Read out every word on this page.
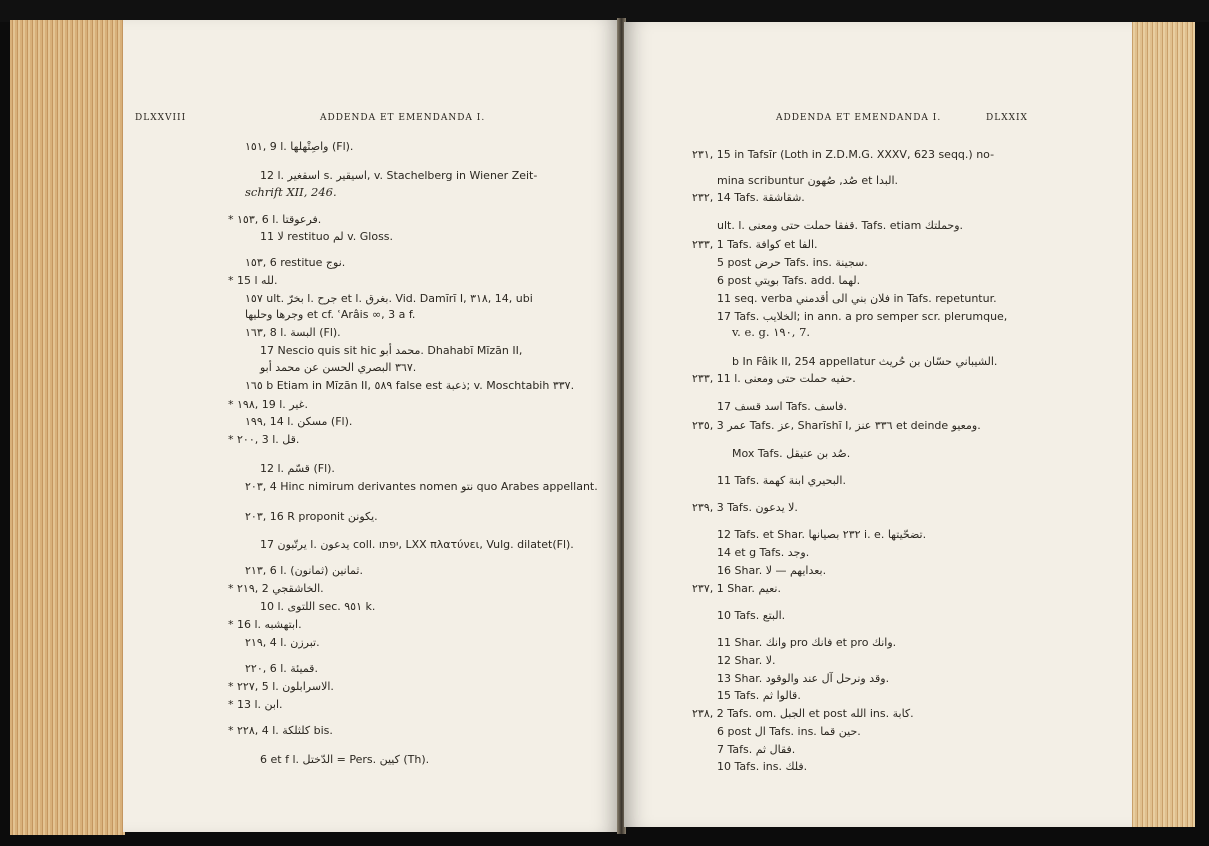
DLXXVIII	ADDENDA ET EMENDANDA I.
١٥١, 9 l. واصِتْهلها (Fl).
12 l. اسقغير s. اسيقير, v. Stachelberg in Wiener Zeit-
schrift XII, 246.
* ١٥٣, 6 l. فرعوقتا.
11 لا restituo لم v. Gloss.
١٥٣, 6 restitue نوج.
* 15 l لله.
١٥٧ ult. بخرّ l. جرح et l. بغرق. Vid. Damīrī I, ٣١٨, 14, ubi
وجرها وحليها et cf. ʿArâis ∞, 3 a f.
١٦٣, 8 l. البسة (Fl).
17 Nescio quis sit hic محمد أبو. Dhahabī Mīzān II,
٣٦٧ البصري الحسن عن محمد أبو.
١٦٥ b Etiam in Mīzān II, ٥٨٩ false est ذعبة; v. Moschtabih ٣٣٧.
* ١٩٨, 19 l. غير.
١٩٩, 14 l. مسكن (Fl).
* ٢٠٠, 3 l. قل.
12 l. قسّم (Fl).
٢٠٣, 4 Hinc nimirum derivantes nomen نتو quo Arabes appellant.
٢٠٣, 16 R proponit يكونن.
17 يرتّبون l. يدعون coll. יפתו, LXX πλατύνει, Vulg. dilatet(Fl).
٢١٣, 6 l. ثمانين (ثمانون).
* ٢١٩, 2 الخاشقجي.
10 l. اللتوى sec. ٩٥١ k.
* 16 l. ابتهشبه.
٢١٩, 4 l. تبرزن.
٢٢٠, 6 l. قميئة.
* ٢٢٧, 5 l. الاسرابلون.
* 13 l. ابن.
* ٢٢٨, 4 l. كلثلكة bis.
6 et f l. الدّختل = Pers. كيين (Th).
ADDENDA ET EMENDANDA I.	DLXXIX
٢٣١, 15 in Tafsīr (Loth in Z.D.M.G. XXXV, 623 seqq.) no-
mina scribuntur صُد, صُهون et البدا.
٢٣٢, 14 Tafs. شقاشقة.
ult. l. قفقا حملت حتى ومعنى. Tafs. etiam وحملتك.
٢٣٣, 1 Tafs. كوافة et الفا.
5 post حرض Tafs. ins. سجينة.
6 post بويتي Tafs. add. لهما.
11 seq. verba فلان بني الى أقدمني in Tafs. repetuntur.
17 Tafs. الخلايب; in ann. a pro semper scr. plerumque,
v. e. g. ١٩٠, 7.
b In Fâik II, 254 appellatur الشيباني حسّان بن حُريث.
٢٣٣, 11 l. حفيه حملت حتى ومعنى.
17 اسد قسف Tafs. فاسف.
٢٣٥, 3 عمر Tafs. عز, Sharīshī I, ٣٣٦ عنز et deinde ومعيو.
Mox Tafs. صُد بن عتيقل.
11 Tafs. البحيري ابنة كهمة.
٢٣٩, 3 Tafs. لا يدعون.
12 Tafs. et Shar. ٢٣٢ بصيانها i. e. تضحّيتها.
14 et g Tafs. وجد.
16 Shar. بعدايهم — لا.
٢٣٧, 1 Shar. نعيم.
10 Tafs. البتع.
11 Shar. وانك pro فانك et pro وانك.
12 Shar. لا.
13 Shar. وقد ونرحل آل عند والوقود.
15 Tafs. قالوا ثم.
٢٣٨, 2 Tafs. om. الجبل et post الله ins. كابة.
6 post ال Tafs. ins. حين قما.
7 Tafs. فقال ثم.
10 Tafs. ins. فلك.
